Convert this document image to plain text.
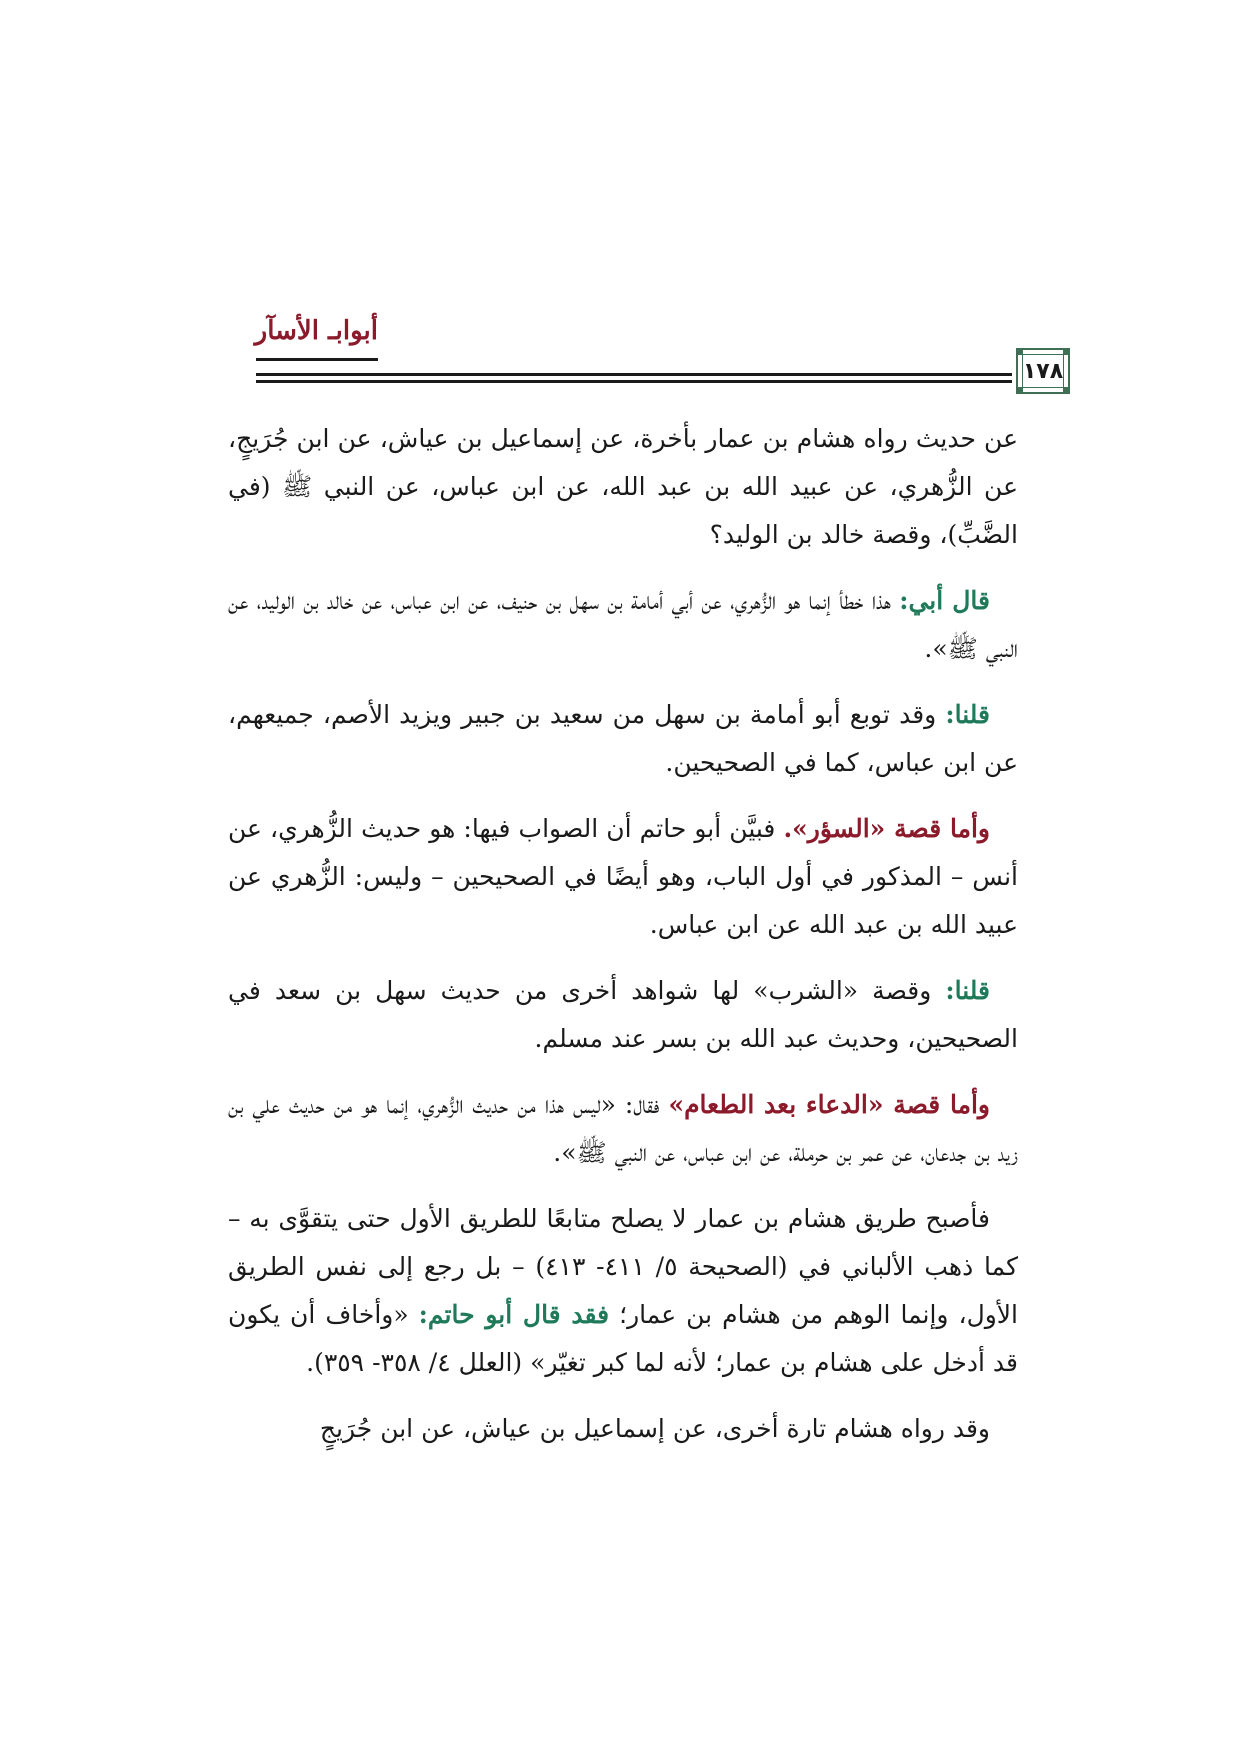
أبوابـ الأسآر
١٧٨

عن حديث رواه هشام بن عمار بأخرة، عن إسماعيل بن عياش، عن ابن جُرَيجٍ، عن الزُّهري، عن عبيد الله بن عبد الله، عن ابن عباس، عن النبي ﷺ (في الضَّبِّ)، وقصة خالد بن الوليد؟

قال أبي: هذا خطأ إنما هو الزُّهري، عن أبي أمامة بن سهل بن حنيف، عن ابن عباس، عن خالد بن الوليد، عن النبي ﷺ».

قلنا: وقد توبع أبو أمامة بن سهل من سعيد بن جبير ويزيد الأصم، جميعهم، عن ابن عباس، كما في الصحيحين.

وأما قصة «السؤر». فبيَّن أبو حاتم أن الصواب فيها: هو حديث الزُّهري، عن أنس – المذكور في أول الباب، وهو أيضًا في الصحيحين – وليس: الزُّهري عن عبيد الله بن عبد الله عن ابن عباس.

قلنا: وقصة «الشرب» لها شواهد أخرى من حديث سهل بن سعد في الصحيحين، وحديث عبد الله بن بسر عند مسلم.

وأما قصة «الدعاء بعد الطعام» فقال: «ليس هذا من حديث الزُّهري، إنما هو من حديث علي بن زيد بن جدعان، عن عمر بن حرملة، عن ابن عباس، عن النبي ﷺ».

فأصبح طريق هشام بن عمار لا يصلح متابعًا للطريق الأول حتى يتقوَّى به – كما ذهب الألباني في (الصحيحة ٥/ ٤١١- ٤١٣) – بل رجع إلى نفس الطريق الأول، وإنما الوهم من هشام بن عمار؛ فقد قال أبو حاتم: «وأخاف أن يكون قد أدخل على هشام بن عمار؛ لأنه لما كبر تغيّر» (العلل ٤/ ٣٥٨- ٣٥٩).

وقد رواه هشام تارة أخرى، عن إسماعيل بن عياش، عن ابن جُرَيجٍ
